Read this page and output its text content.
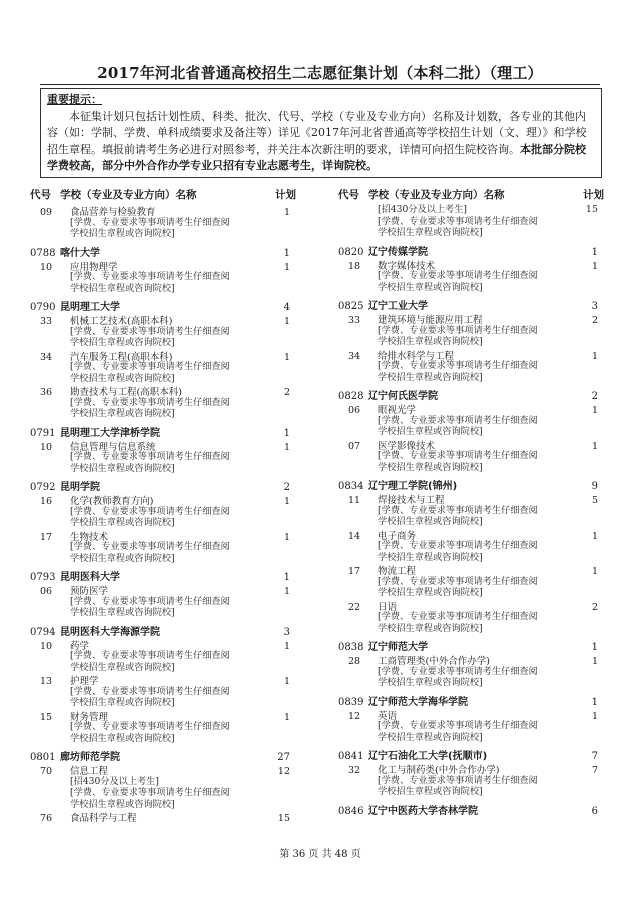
2017年河北省普通高校招生二志愿征集计划（本科二批）（理工）
重要提示：
本征集计划只包括计划性质、科类、批次、代号、学校（专业及专业方向）名称及计划数，各专业的其他内容（如：学制、学费、单科成绩要求及备注等）详见《2017年河北省普通高等学校招生计划（文、理）》和学校招生章程。填报前请考生务必进行对照参考，并关注本次新注明的要求，详情可向招生院校咨询。本批部分院校学费较高，部分中外合作办学专业只招有专业志愿考生，详询院校。
代号 学校（专业及专业方向）名称	计划
09	食品营养与检验教育	1
[学费、专业要求等事项请考生仔细查阅
学校招生章程或咨询院校]
0788 喀什大学	1
10	应用物理学	1
[学费、专业要求等事项请考生仔细查阅
学校招生章程或咨询院校]
0790 昆明理工大学	4
33	机械工艺技术(高职本科)	1
[学费、专业要求等事项请考生仔细查阅
学校招生章程或咨询院校]
34	汽车服务工程(高职本科)	1
[学费、专业要求等事项请考生仔细查阅
学校招生章程或咨询院校]
36	勘查技术与工程(高职本科)	2
[学费、专业要求等事项请考生仔细查阅
学校招生章程或咨询院校]
0791 昆明理工大学津桥学院	1
10	信息管理与信息系统	1
[学费、专业要求等事项请考生仔细查阅
学校招生章程或咨询院校]
0792 昆明学院	2
16	化学(教师教育方向)	1
[学费、专业要求等事项请考生仔细查阅
学校招生章程或咨询院校]
17	生物技术	1
[学费、专业要求等事项请考生仔细查阅
学校招生章程或咨询院校]
0793 昆明医科大学	1
06	预防医学	1
[学费、专业要求等事项请考生仔细查阅
学校招生章程或咨询院校]
0794 昆明医科大学海源学院	3
10	药学	1
[学费、专业要求等事项请考生仔细查阅
学校招生章程或咨询院校]
13	护理学	1
[学费、专业要求等事项请考生仔细查阅
学校招生章程或咨询院校]
15	财务管理	1
[学费、专业要求等事项请考生仔细查阅
学校招生章程或咨询院校]
0801 廊坊师范学院	27
70	信息工程	12
[招430分及以上考生]
[学费、专业要求等事项请考生仔细查阅
学校招生章程或咨询院校]
76	食品科学与工程	15
代号 学校（专业及专业方向）名称	计划
[招430分及以上考生]	15
[学费、专业要求等事项请考生仔细查阅
学校招生章程或咨询院校]
0820 辽宁传媒学院	1
18	数字媒体技术	1
[学费、专业要求等事项请考生仔细查阅
学校招生章程或咨询院校]
0825 辽宁工业大学	3
33	建筑环境与能源应用工程	2
[学费、专业要求等事项请考生仔细查阅
学校招生章程或咨询院校]
34	给排水科学与工程	1
[学费、专业要求等事项请考生仔细查阅
学校招生章程或咨询院校]
0828 辽宁何氏医学院	2
06	眼视光学	1
[学费、专业要求等事项请考生仔细查阅
学校招生章程或咨询院校]
07	医学影像技术	1
[学费、专业要求等事项请考生仔细查阅
学校招生章程或咨询院校]
0834 辽宁理工学院(锦州)	9
11	焊接技术与工程	5
[学费、专业要求等事项请考生仔细查阅
学校招生章程或咨询院校]
14	电子商务	1
[学费、专业要求等事项请考生仔细查阅
学校招生章程或咨询院校]
17	物流工程	1
[学费、专业要求等事项请考生仔细查阅
学校招生章程或咨询院校]
22	日语	2
[学费、专业要求等事项请考生仔细查阅
学校招生章程或咨询院校]
0838 辽宁师范大学	1
28	工商管理类(中外合作办学)	1
[学费、专业要求等事项请考生仔细查阅
学校招生章程或咨询院校]
0839 辽宁师范大学海华学院	1
12	英语	1
[学费、专业要求等事项请考生仔细查阅
学校招生章程或咨询院校]
0841 辽宁石油化工大学(抚顺市)	7
32	化工与制药类(中外合作办学)	7
[学费、专业要求等事项请考生仔细查阅
学校招生章程或咨询院校]
0846 辽宁中医药大学杏林学院	6
第 36 页 共 48 页
